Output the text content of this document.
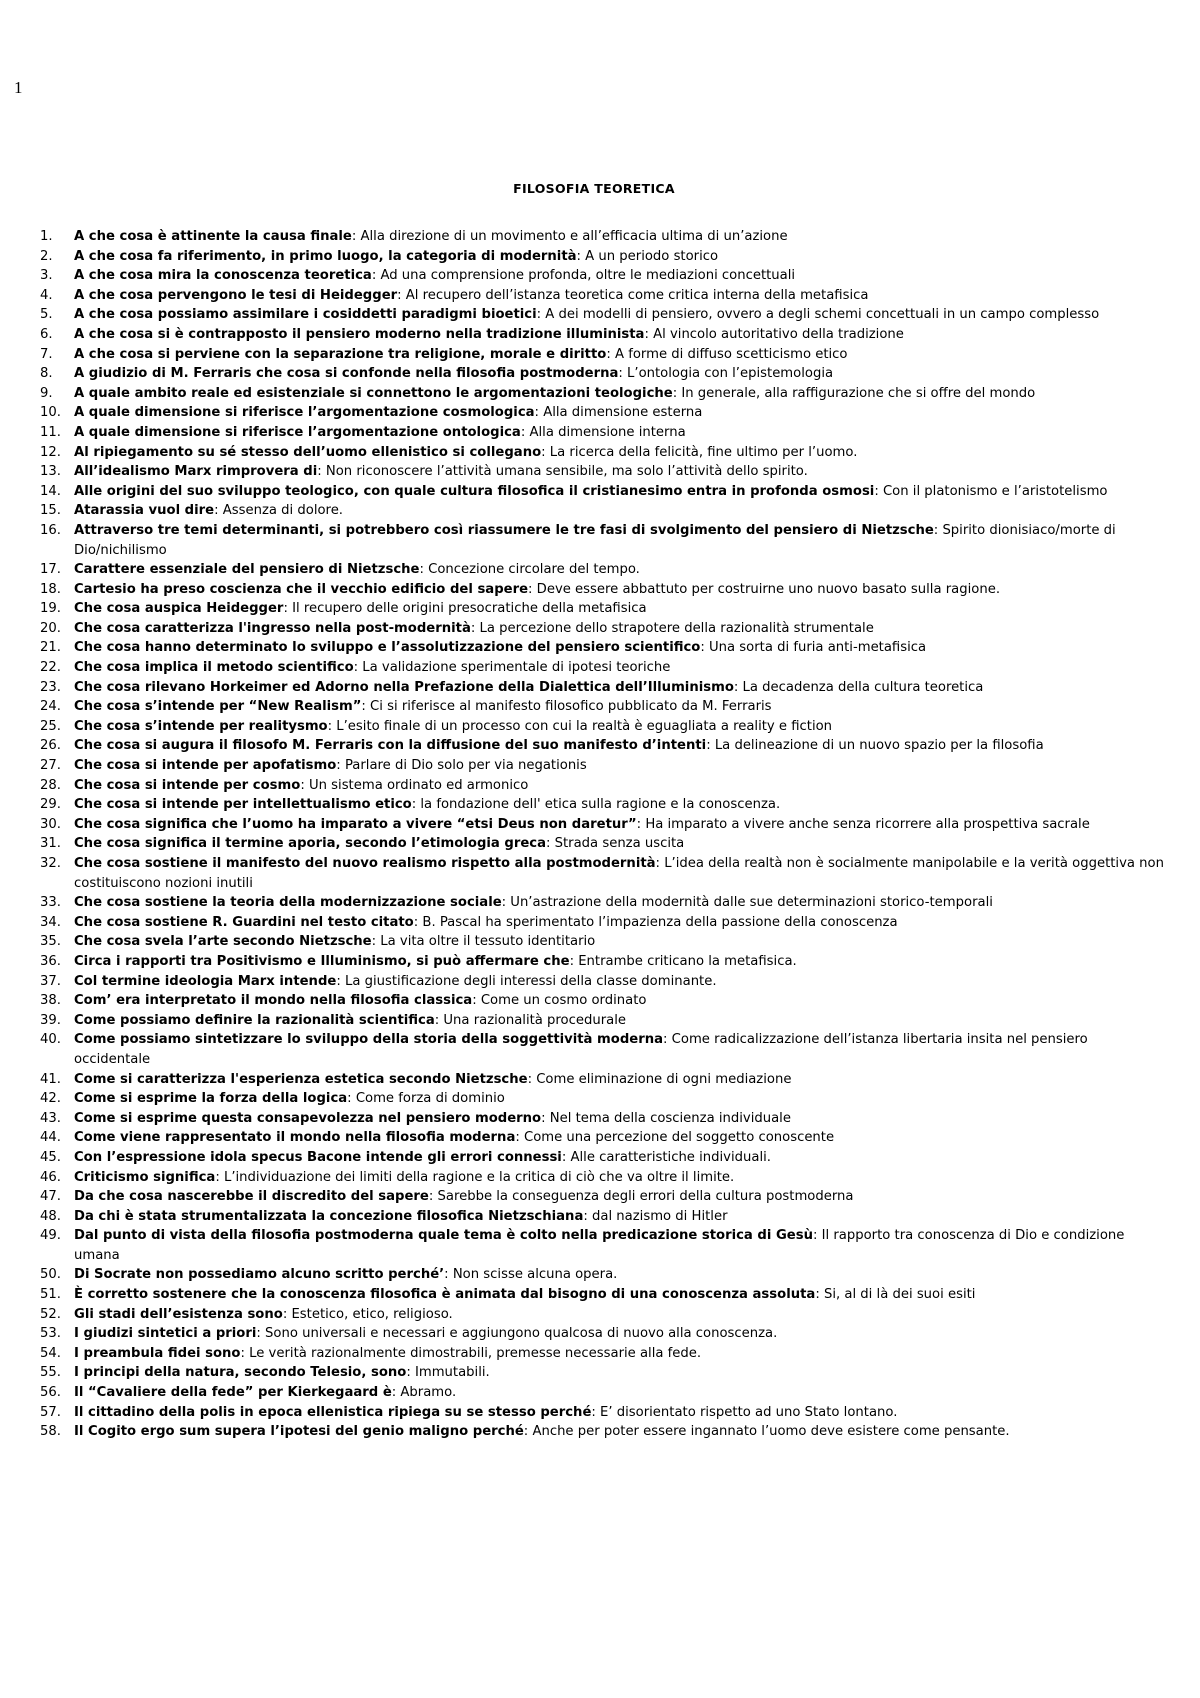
1
FILOSOFIA TEORETICA
1.	A che cosa è attinente la causa finale: Alla direzione di un movimento e all’efficacia ultima di un’azione
2.	A che cosa fa riferimento, in primo luogo, la categoria di modernità: A un periodo storico
3.	A che cosa mira la conoscenza teoretica: Ad una comprensione profonda, oltre le mediazioni concettuali
4.	A che cosa pervengono le tesi di Heidegger: Al recupero dell’istanza teoretica come critica interna della metafisica
5.	A che cosa possiamo assimilare i cosiddetti paradigmi bioetici: A dei modelli di pensiero, ovvero a degli schemi concettuali in un campo complesso
6.	A che cosa si è contrapposto il pensiero moderno nella tradizione illuminista: Al vincolo autoritativo della tradizione
7.	A che cosa si perviene con la separazione tra religione, morale e diritto: A forme di diffuso scetticismo etico
8.	A giudizio di M. Ferraris che cosa si confonde nella filosofia postmoderna: L’ontologia con l’epistemologia
9.	A quale ambito reale ed esistenziale si connettono le argomentazioni teologiche: In generale, alla raffigurazione che si offre del mondo
10. A quale dimensione si riferisce l’argomentazione cosmologica: Alla dimensione esterna
11. A quale dimensione si riferisce l’argomentazione ontologica: Alla dimensione interna
12. Al ripiegamento su sé stesso dell’uomo ellenistico si collegano: La ricerca della felicità, fine ultimo per l’uomo.
13. All’idealismo Marx rimprovera di: Non riconoscere l’attività umana sensibile, ma solo l’attività dello spirito.
14. Alle origini del suo sviluppo teologico, con quale cultura filosofica il cristianesimo entra in profonda osmosi: Con il platonismo e l’aristotelismo
15. Atarassia vuol dire: Assenza di dolore.
16. Attraverso tre temi determinanti, si potrebbero così riassumere le tre fasi di svolgimento del pensiero di Nietzsche: Spirito dionisiaco/morte di Dio/nichilismo
17. Carattere essenziale del pensiero di Nietzsche: Concezione circolare del tempo.
18. Cartesio ha preso coscienza che il vecchio edificio del sapere: Deve essere abbattuto per costruirne uno nuovo basato sulla ragione.
19. Che cosa auspica Heidegger: Il recupero delle origini presocratiche della metafisica
20. Che cosa caratterizza l'ingresso nella post-modernità: La percezione dello strapotere della razionalità strumentale
21. Che cosa hanno determinato lo sviluppo e l’assolutizzazione del pensiero scientifico: Una sorta di furia anti-metafisica
22. Che cosa implica il metodo scientifico: La validazione sperimentale di ipotesi teoriche
23. Che cosa rilevano Horkeimer ed Adorno nella Prefazione della Dialettica dell’Illuminismo: La decadenza della cultura teoretica
24. Che cosa s’intende per “New Realism”: Ci si riferisce al manifesto filosofico pubblicato da M. Ferraris
25. Che cosa s’intende per realitysmo: L’esito finale di un processo con cui la realtà è eguagliata a reality e fiction
26. Che cosa si augura il filosofo M. Ferraris con la diffusione del suo manifesto d’intenti: La delineazione di un nuovo spazio per la filosofia
27. Che cosa si intende per apofatismo: Parlare di Dio solo per via negationis
28. Che cosa si intende per cosmo: Un sistema ordinato ed armonico
29. Che cosa si intende per intellettualismo etico: la fondazione dell' etica sulla ragione e la conoscenza.
30. Che cosa significa che l’uomo ha imparato a vivere “etsi Deus non daretur”: Ha imparato a vivere anche senza ricorrere alla prospettiva sacrale
31. Che cosa significa il termine aporia, secondo l’etimologia greca: Strada senza uscita
32. Che cosa sostiene il manifesto del nuovo realismo rispetto alla postmodernità: L’idea della realtà non è socialmente manipolabile e la verità oggettiva non costituiscono nozioni inutili
33. Che cosa sostiene la teoria della modernizzazione sociale: Un’astrazione della modernità dalle sue determinazioni storico-temporali
34. Che cosa sostiene R. Guardini nel testo citato: B. Pascal ha sperimentato l’impazienza della passione della conoscenza
35. Che cosa svela l’arte secondo Nietzsche: La vita oltre il tessuto identitario
36. Circa i rapporti tra Positivismo e Illuminismo, si può affermare che: Entrambe criticano la metafisica.
37. Col termine ideologia Marx intende: La giustificazione degli interessi della classe dominante.
38. Com’ era interpretato il mondo nella filosofia classica: Come un cosmo ordinato
39. Come possiamo definire la razionalità scientifica: Una razionalità procedurale
40. Come possiamo sintetizzare lo sviluppo della storia della soggettività moderna: Come radicalizzazione dell’istanza libertaria insita nel pensiero occidentale
41. Come si caratterizza l'esperienza estetica secondo Nietzsche: Come eliminazione di ogni mediazione
42. Come si esprime la forza della logica: Come forza di dominio
43. Come si esprime questa consapevolezza nel pensiero moderno: Nel tema della coscienza individuale
44. Come viene rappresentato il mondo nella filosofia moderna: Come una percezione del soggetto conoscente
45. Con l’espressione idola specus Bacone intende gli errori connessi: Alle caratteristiche individuali.
46. Criticismo significa: L’individuazione dei limiti della ragione e la critica di ciò che va oltre il limite.
47. Da che cosa nascerebbe il discredito del sapere: Sarebbe la conseguenza degli errori della cultura postmoderna
48. Da chi è stata strumentalizzata la concezione filosofica Nietzschiana: dal nazismo di Hitler
49. Dal punto di vista della filosofia postmoderna quale tema è colto nella predicazione storica di Gesù: Il rapporto tra conoscenza di Dio e condizione umana
50. Di Socrate non possediamo alcuno scritto perché’: Non scisse alcuna opera.
51. È corretto sostenere che la conoscenza filosofica è animata dal bisogno di una conoscenza assoluta: Si, al di là dei suoi esiti
52. Gli stadi dell’esistenza sono: Estetico, etico, religioso.
53. I giudizi sintetici a priori: Sono universali e necessari e aggiungono qualcosa di nuovo alla conoscenza.
54. I preambula fidei sono: Le verità razionalmente dimostrabili, premesse necessarie alla fede.
55. I principi della natura, secondo Telesio, sono: Immutabili.
56. Il “Cavaliere della fede” per Kierkegaard è: Abramo.
57. Il cittadino della polis in epoca ellenistica ripiega su se stesso perché: E’ disorientato rispetto ad uno Stato lontano.
58. Il Cogito ergo sum supera l’ipotesi del genio maligno perché: Anche per poter essere ingannato l’uomo deve esistere come pensante.
